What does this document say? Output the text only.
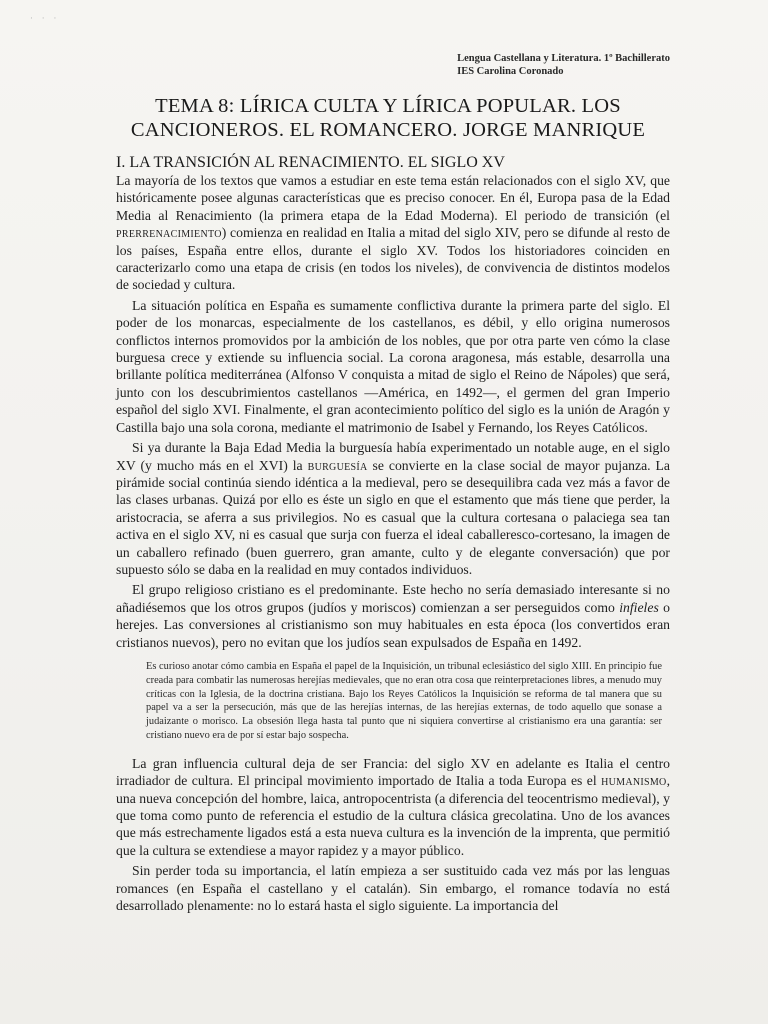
· · ·
Lengua Castellana y Literatura. 1º Bachillerato
IES Carolina Coronado
TEMA 8: LÍRICA CULTA Y LÍRICA POPULAR. LOS
CANCIONEROS. EL ROMANCERO. JORGE MANRIQUE
I. LA TRANSICIÓN AL RENACIMIENTO. EL SIGLO XV

La mayoría de los textos que vamos a estudiar en este tema están relacionados con el siglo XV, que históricamente posee algunas características que es preciso conocer. En él, Europa pasa de la Edad Media al Renacimiento (la primera etapa de la Edad Moderna). El periodo de transición (el prerrenacimiento) comienza en realidad en Italia a mitad del siglo XIV, pero se difunde al resto de los países, España entre ellos, durante el siglo XV. Todos los historiadores coinciden en caracterizarlo como una etapa de crisis (en todos los niveles), de convivencia de distintos modelos de sociedad y cultura.

La situación política en España es sumamente conflictiva durante la primera parte del siglo. El poder de los monarcas, especialmente de los castellanos, es débil, y ello origina numerosos conflictos internos promovidos por la ambición de los nobles, que por otra parte ven cómo la clase burguesa crece y extiende su influencia social. La corona aragonesa, más estable, desarrolla una brillante política mediterránea (Alfonso V conquista a mitad de siglo el Reino de Nápoles) que será, junto con los descubrimientos castellanos —América, en 1492—, el germen del gran Imperio español del siglo XVI. Finalmente, el gran acontecimiento político del siglo es la unión de Aragón y Castilla bajo una sola corona, mediante el matrimonio de Isabel y Fernando, los Reyes Católicos.

Si ya durante la Baja Edad Media la burguesía había experimentado un notable auge, en el siglo XV (y mucho más en el XVI) la burguesía se convierte en la clase social de mayor pujanza. La pirámide social continúa siendo idéntica a la medieval, pero se desequilibra cada vez más a favor de las clases urbanas. Quizá por ello es éste un siglo en que el estamento que más tiene que perder, la aristocracia, se aferra a sus privilegios. No es casual que la cultura cortesana o palaciega sea tan activa en el siglo XV, ni es casual que surja con fuerza el ideal caballeresco-cortesano, la imagen de un caballero refinado (buen guerrero, gran amante, culto y de elegante conversación) que por supuesto sólo se daba en la realidad en muy contados individuos.

El grupo religioso cristiano es el predominante. Este hecho no sería demasiado interesante si no añadiésemos que los otros grupos (judíos y moriscos) comienzan a ser perseguidos como infieles o herejes. Las conversiones al cristianismo son muy habituales en esta época (los convertidos eran cristianos nuevos), pero no evitan que los judíos sean expulsados de España en 1492.

Es curioso anotar cómo cambia en España el papel de la Inquisición, un tribunal eclesiástico del siglo XIII. En principio fue creada para combatir las numerosas herejías medievales, que no eran otra cosa que reinterpretaciones libres, a menudo muy críticas con la Iglesia, de la doctrina cristiana. Bajo los Reyes Católicos la Inquisición se reforma de tal manera que su papel va a ser la persecución, más que de las herejías internas, de las herejías externas, de todo aquello que sonase a judaizante o morisco. La obsesión llega hasta tal punto que ni siquiera convertirse al cristianismo era una garantía: ser cristiano nuevo era de por sí estar bajo sospecha.

La gran influencia cultural deja de ser Francia: del siglo XV en adelante es Italia el centro irradiador de cultura. El principal movimiento importado de Italia a toda Europa es el humanismo, una nueva concepción del hombre, laica, antropocentrista (a diferencia del teocentrismo medieval), y que toma como punto de referencia el estudio de la cultura clásica grecolatina. Uno de los avances que más estrechamente ligados está a esta nueva cultura es la invención de la imprenta, que permitió que la cultura se extendiese a mayor rapidez y a mayor público.

Sin perder toda su importancia, el latín empieza a ser sustituido cada vez más por las lenguas romances (en España el castellano y el catalán). Sin embargo, el romance todavía no está desarrollado plenamente: no lo estará hasta el siglo siguiente. La importancia del
